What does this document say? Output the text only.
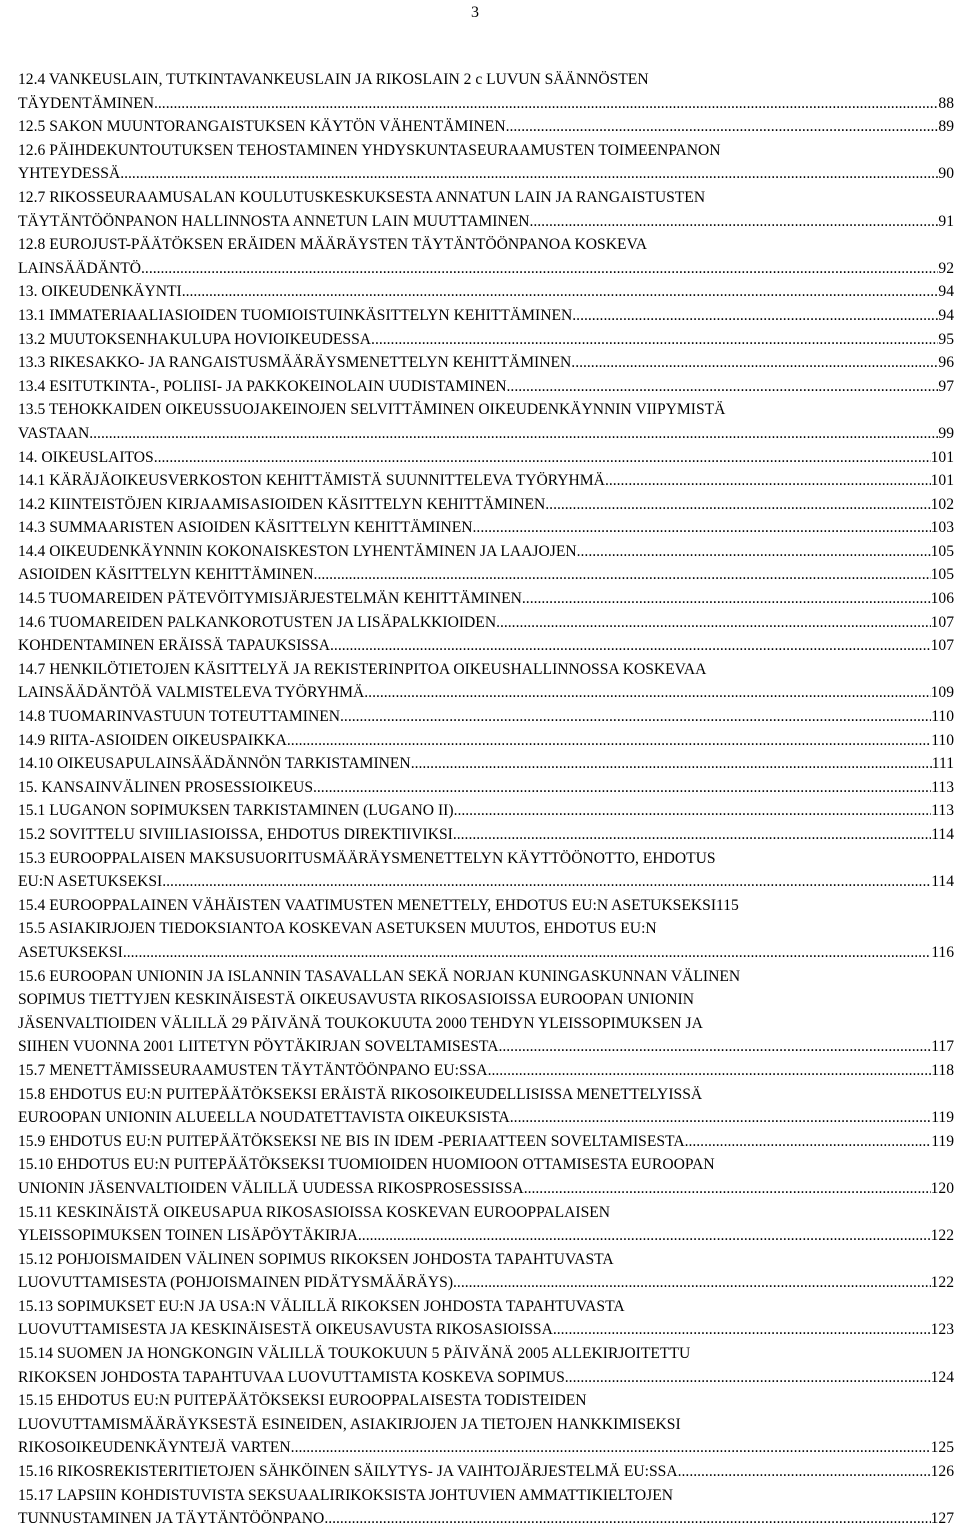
3
12.4 VANKEUSLAIN, TUTKINTAVANKEUSLAIN JA RIKOSLAIN 2 c LUVUN SÄÄNNÖSTEN
TÄYDENTÄMINEN .....	88
12.5 SAKON MUUNTORANGAISTUKSEN KÄYTÖN VÄHENTÄMINEN .....	89
12.6 PÄIHDEKUNTOUTUKSEN TEHOSTAMINEN YHDYSKUNTASEURAAMUSTEN TOIMEENPANON
YHTEYDESSÄ .....	90
12.7 RIKOSSEURAAMUSALAN KOULUTUSKESKUKSESTA ANNATUN LAIN JA RANGAISTUSTEN
TÄYTÄNTÖÖNPANON HALLINNOSTA ANNETUN LAIN MUUTTAMINEN .....	91
12.8 EUROJUST-PÄÄTÖKSEN ERÄIDEN MÄÄRÄYSTEN TÄYTÄNTÖÖNPANOA KOSKEVA
LAINSÄÄDÄNTÖ .....	92
13. OIKEUDENKÄYNTI .....	94
13.1 IMMATERIAALIASIOIDEN TUOMIOISTUINKÄSITTELYN KEHITTÄMINEN .....	94
13.2 MUUTOKSENHAKULUPA HOVIOIKEUDESSA .....	95
13.3 RIKESAKKO- JA RANGAISTUSMÄÄRÄYSMENETTELYN KEHITTÄMINEN .....	96
13.4 ESITUTKINTA-, POLIISI- JA PAKKOKEINOLAIN UUDISTAMINEN .....	97
13.5 TEHOKKAIDEN OIKEUSSUOJAKEINOJEN SELVITTÄMINEN OIKEUDENKÄYNNIN VIIPYMISTÄ
VASTAAN .....	99
14. OIKEUSLAITOS .....	101
14.1 KÄRÄJÄOIKEUSVERKOSTON KEHITTÄMISTÄ SUUNNITTELEVA TYÖRYHMÄ .....	101
14.2 KIINTEISTÖJEN KIRJAAMISASIOIDEN KÄSITTELYN KEHITTÄMINEN .....	102
14.3 SUMMAARISTEN ASIOIDEN KÄSITTELYN KEHITTÄMINEN .....	103
14.4 OIKEUDENKÄYNNIN KOKONAISKESTON LYHENTÄMINEN JA LAAJOJEN .....	105
ASIOIDEN KÄSITTELYN KEHITTÄMINEN .....	105
14.5 TUOMAREIDEN PÄTEVÖITYMISJÄRJESTELMÄN KEHITTÄMINEN .....	106
14.6 TUOMAREIDEN PALKANKOROTUSTEN JA LISÄPALKKIOIDEN .....	107
KOHDENTAMINEN ERÄISSÄ TAPAUKSISSA .....	107
14.7 HENKILÖTIETOJEN KÄSITTELYÄ JA REKISTERINPITOA OIKEUSHALLINNOSSA KOSKEVAA
LAINSÄÄDÄNTÖÄ VALMISTELEVA TYÖRYHMÄ .....	109
14.8 TUOMARINVASTUUN TOTEUTTAMINEN .....	110
14.9 RIITA-ASIOIDEN OIKEUSPAIKKA .....	110
14.10 OIKEUSAPULAINSÄÄDÄNNÖN TARKISTAMINEN .....	111
15. KANSAINVÄLINEN PROSESSIOIKEUS .....	113
15.1 LUGANON SOPIMUKSEN TARKISTAMINEN (LUGANO II) .....	113
15.2 SOVITTELU SIVIILIASIOISSA, EHDOTUS DIREKTIIVIKSI .....	114
15.3 EUROOPPALAISEN MAKSUSUORITUSMÄÄRÄYSMENETTELYN KÄYTTÖÖNOTTO, EHDOTUS
EU:N ASETUKSEKSI .....	114
15.4 EUROOPPALAINEN VÄHÄISTEN VAATIMUSTEN MENETTELY, EHDOTUS EU:N ASETUKSEKSI115
15.5 ASIAKIRJOJEN TIEDOKSIANTOA KOSKEVAN ASETUKSEN MUUTOS, EHDOTUS EU:N
ASETUKSEKSI .....	116
15.6 EUROOPAN UNIONIN JA ISLANNIN TASAVALLAN SEKÄ NORJAN KUNINGASKUNNAN VÄLINEN
SOPIMUS TIETTYJEN KESKINÄISESTÄ OIKEUSAVUSTA RIKOSASIOISSA EUROOPAN UNIONIN
JÄSENVALTIOIDEN VÄLILLÄ 29 PÄIVÄNÄ TOUKOKUUTA 2000 TEHDYN YLEISSOPIMUKSEN JA
SIIHEN VUONNA 2001 LIITETYN PÖYTÄKIRJAN SOVELTAMISESTA .....	117
15.7 MENETTÄMISSEURAAMUSTEN TÄYTÄNTÖÖNPANO EU:SSA .....	118
15.8 EHDOTUS EU:N PUITEPÄÄTÖKSEKSI ERÄISTÄ RIKOSOIKEUDELLISISSA MENETTELYISSÄ
EUROOPAN UNIONIN ALUEELLA NOUDATETTAVISTA OIKEUKSISTA .....	119
15.9 EHDOTUS EU:N PUITEPÄÄTÖKSEKSI NE BIS IN IDEM -PERIAATTEEN SOVELTAMISESTA .....	119
15.10 EHDOTUS EU:N PUITEPÄÄTÖKSEKSI TUOMIOIDEN HUOMIOON OTTAMISESTA EUROOPAN
UNIONIN JÄSENVALTIOIDEN VÄLILLÄ UUDESSA RIKOSPROSESSISSA .....	120
15.11 KESKINÄISTÄ OIKEUSAPUA RIKOSASIOISSA KOSKEVAN EUROOPPALAISEN
YLEISSOPIMUKSEN TOINEN LISÄPÖYTÄKIRJA .....	122
15.12 POHJOISMAIDEN VÄLINEN SOPIMUS RIKOKSEN JOHDOSTA TAPAHTUVASTA
LUOVUTTAMISESTA (POHJOISMAINEN PIDÄTYSMÄÄRÄYS) .....	122
15.13 SOPIMUKSET EU:N JA USA:N VÄLILLÄ RIKOKSEN JOHDOSTA TAPAHTUVASTA
LUOVUTTAMISESTA JA KESKINÄISESTÄ OIKEUSAVUSTA RIKOSASIOISSA .....	123
15.14 SUOMEN JA HONGKONGIN VÄLILLÄ TOUKOKUUN 5 PÄIVÄNÄ 2005 ALLEKIRJOITETTU
RIKOKSEN JOHDOSTA TAPAHTUVAA LUOVUTTAMISTA KOSKEVA SOPIMUS .....	124
15.15 EHDOTUS EU:N PUITEPÄÄTÖKSEKSI EUROOPPALAISESTA TODISTEIDEN
LUOVUTTAMISMÄÄRÄYKSESTÄ ESINEIDEN, ASIAKIRJOJEN JA TIETOJEN HANKKIMISEKSI
RIKOSOIKEUDENKÄYNTEJÄ VARTEN .....	125
15.16 RIKOSREKISTERITIETOJEN SÄHKÖINEN SÄILYTYS- JA VAIHTOJÄRJESTELMÄ EU:SSA .....	126
15.17 LAPSIIN KOHDISTUVISTA SEKSUAALIRIKOKSISTA JOHTUVIEN AMMATTIKIELTOJEN
TUNNUSTAMINEN JA TÄYTÄNTÖÖNPANO .....	127
